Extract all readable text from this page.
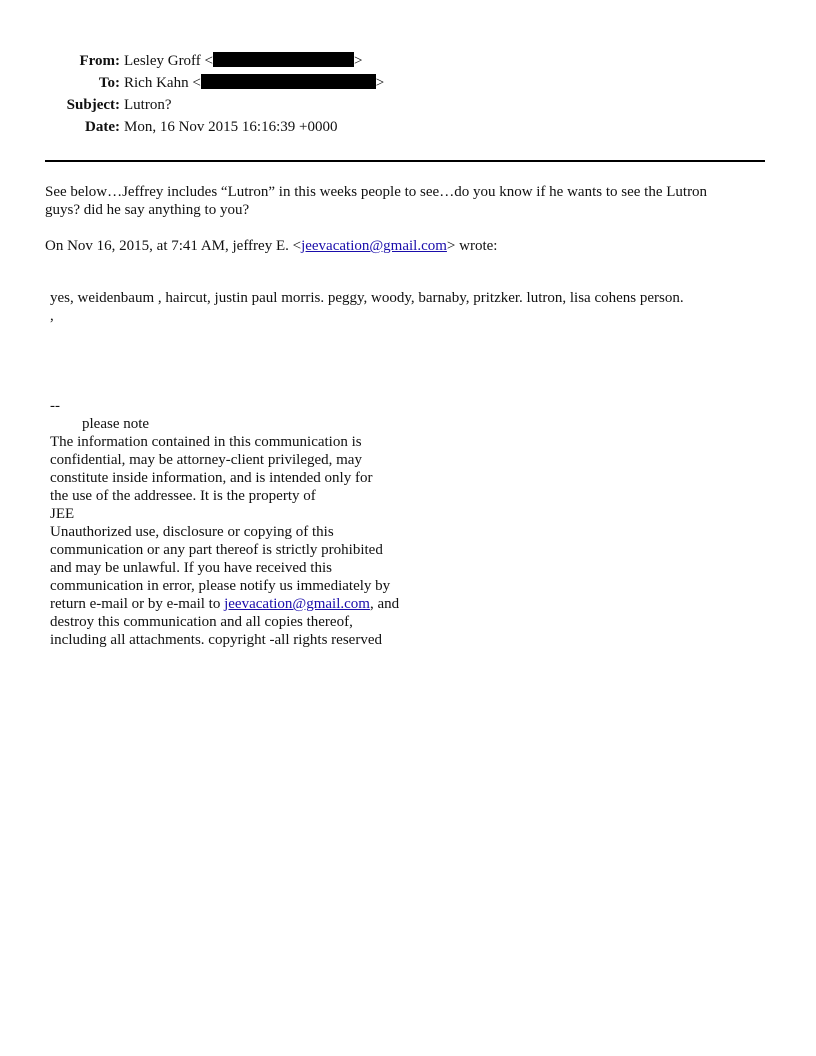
From: Lesley Groff <	>
To: Rich Kahn <	>
Subject: Lutron?
Date: Mon, 16 Nov 2015 16:16:39 +0000
See below…Jeffrey includes “Lutron” in this weeks people to see…do you know if he wants to see the Lutron
guys? did he say anything to you?
On Nov 16, 2015, at 7:41 AM, jeffrey E. <jeevacation@gmail.com> wrote:
yes, weidenbaum , haircut, justin paul morris. peggy, woody, barnaby, pritzker. lutron, lisa cohens person.
,
--
please note
The information contained in this communication is
confidential, may be attorney-client privileged, may
constitute inside information, and is intended only for
the use of the addressee. It is the property of
JEE
Unauthorized use, disclosure or copying of this
communication or any part thereof is strictly prohibited
and may be unlawful. If you have received this
communication in error, please notify us immediately by
return e-mail or by e-mail to jeevacation@gmail.com, and
destroy this communication and all copies thereof,
including all attachments. copyright -all rights reserved
